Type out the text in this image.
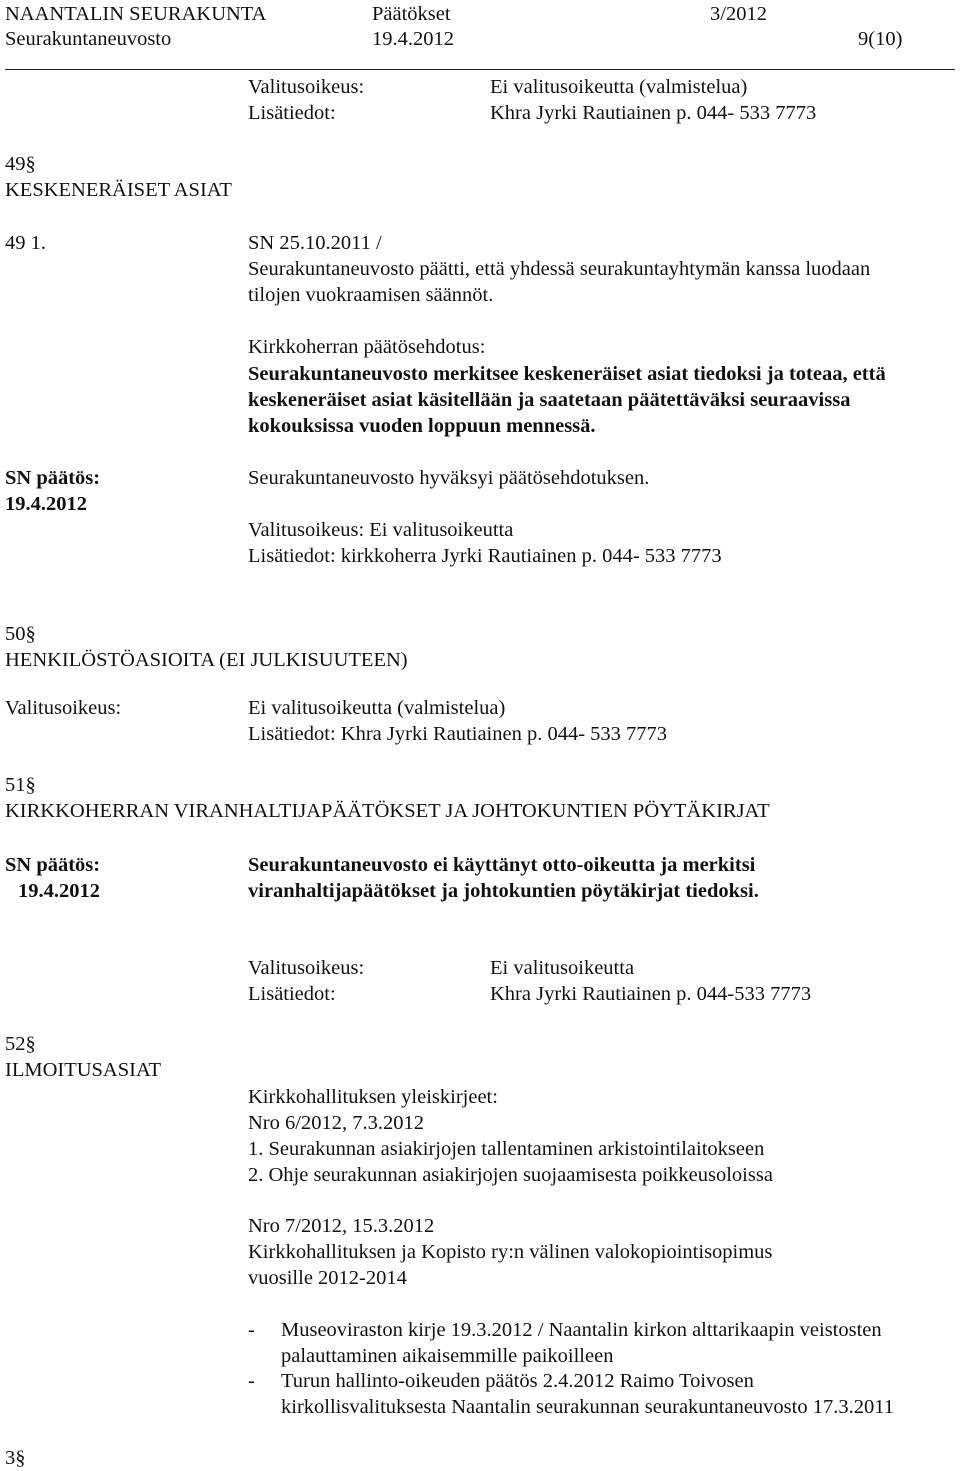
NAANTALIN SEURAKUNTA	Päätökset	3/2012
Seurakuntaneuvosto	19.4.2012	9(10)
Valitusoikeus:	Ei valitusoikeutta (valmistelua)
Lisätiedot:	Khra Jyrki Rautiainen p. 044- 533 7773
49§
KESKENERÄISET ASIAT
49 1.	SN 25.10.2011 /
Seurakuntaneuvosto päätti, että yhdessä seurakuntayhtymän kanssa luodaan
tilojen vuokraamisen säännöt.
Kirkkoherran päätösehdotus:
Seurakuntaneuvosto merkitsee keskeneräiset asiat tiedoksi ja toteaa, että
keskeneräiset asiat käsitellään ja saatetaan päätettäväksi seuraavissa
kokouksissa vuoden loppuun mennessä.
SN päätös:
19.4.2012
Seurakuntaneuvosto hyväksyi päätösehdotuksen.
Valitusoikeus: Ei valitusoikeutta
Lisätiedot: kirkkoherra Jyrki Rautiainen p. 044- 533 7773
50§
HENKILÖSTÖASIOITA (EI JULKISUUTEEN)
Valitusoikeus:	Ei valitusoikeutta (valmistelua)
Lisätiedot: Khra Jyrki Rautiainen p. 044- 533 7773
51§
KIRKKOHERRAN VIRANHALTIJAPÄÄTÖKSET JA JOHTOKUNTIEN PÖYTÄKIRJAT
SN päätös:
19.4.2012
Seurakuntaneuvosto ei käyttänyt otto-oikeutta ja merkitsi
viranhaltijapäätökset ja johtokuntien pöytäkirjat tiedoksi.
Valitusoikeus:	Ei valitusoikeutta
Lisätiedot:	Khra Jyrki Rautiainen p. 044-533 7773
52§
ILMOITUSASIAT
Kirkkohallituksen yleiskirjeet:
Nro 6/2012, 7.3.2012
1. Seurakunnan asiakirjojen tallentaminen arkistointilaitokseen
2. Ohje seurakunnan asiakirjojen suojaamisesta poikkeusoloissa
Nro 7/2012, 15.3.2012
Kirkkohallituksen ja Kopisto ry:n välinen valokopiointisopimus
vuosille 2012-2014
- Museoviraston kirje 19.3.2012 / Naantalin kirkon alttarikaapin veistosten
palauttaminen aikaisemmille paikoilleen
- Turun hallinto-oikeuden päätös 2.4.2012 Raimo Toivosen
kirkollisvalituksesta Naantalin seurakunnan seurakuntaneuvosto 17.3.2011
3§
